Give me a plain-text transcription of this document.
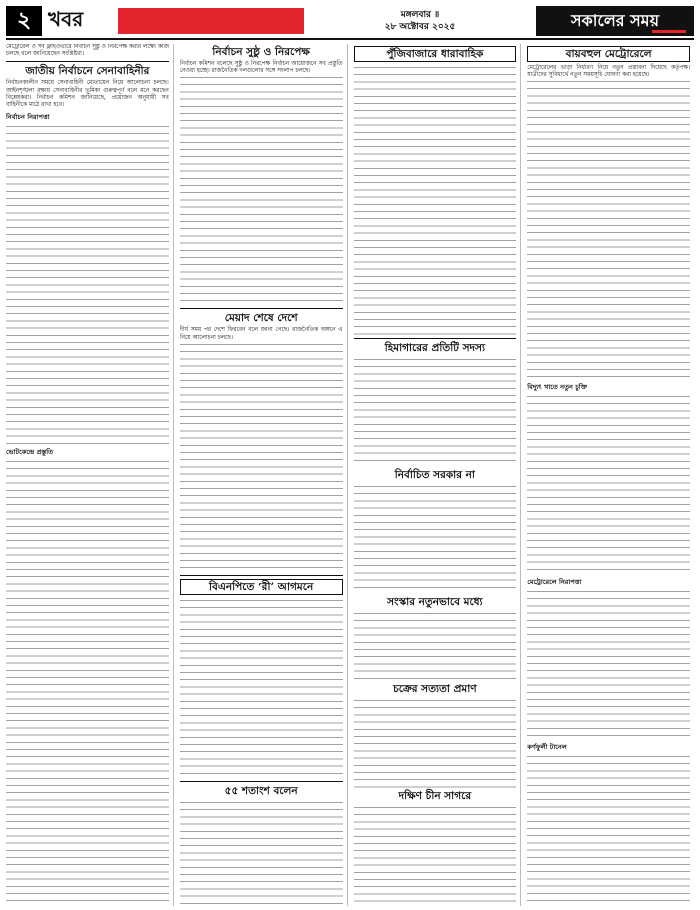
২ খবর	মঙ্গলবার ॥
২৮ অক্টোবর ২০২৫	সকালের সময়
মেট্রোরেল ও সব ফ্লাইওভারে নির্বাচন সুষ্ঠু ও নিরপেক্ষ করার লক্ষ্যে কাজ চলছে বলে জানিয়েছেন সংশ্লিষ্টরা।
জাতীয় নির্বাচনে সেনাবাহিনীর
নির্বাচনকালীন সময়ে সেনাবাহিনী মোতায়েন নিয়ে আলোচনা চলছে। আইনশৃঙ্খলা রক্ষায় সেনাবাহিনীর ভূমিকা গুরুত্বপূর্ণ বলে মনে করছেন বিশ্লেষকরা। নির্বাচন কমিশন জানিয়েছে, প্রয়োজন অনুযায়ী সব বাহিনীকে মাঠে রাখা হবে।
নির্বাচন নিরাপত্তা
ভোটকেন্দ্রে প্রস্তুতি
নির্বাচন সুষ্ঠু ও নিরপেক্ষ
নির্বাচন কমিশন বলেছে সুষ্ঠু ও নিরপেক্ষ নির্বাচন আয়োজনে সব প্রস্তুতি নেওয়া হচ্ছে। রাজনৈতিক দলগুলোর সঙ্গে সংলাপ চলছে।
মেয়াদ শেষে দেশে
দীর্ঘ সময় পর দেশে ফিরবেন বলে জানা গেছে। রাজনৈতিক অঙ্গনে এ নিয়ে আলোচনা চলছে।
বিএনপিতে ‘রী’ আগমনে
৫৫ শতাংশ বলেন
পুঁজিবাজারে ধারাবাহিক
হিমাগারের প্রতিটি সদস্য
নির্বাচিত সরকার না
সংস্কার নতুনভাবে মধ্যে
চক্রের সত্যতা প্রমাণ
দক্ষিণ চীন সাগরে
বায়বহুল মেট্রোরেলে
মেট্রোরেলের ভাড়া নির্ধারণ নিয়ে নতুন প্রস্তাবনা দিয়েছে কর্তৃপক্ষ। যাত্রীদের সুবিধার্থে নতুন সময়সূচি ঘোষণা করা হয়েছে।
বিদ্যুৎ খাতে নতুন চুক্তি
মেট্রোরেলে নিরাপত্তা
কর্ণফুলী টানেল
